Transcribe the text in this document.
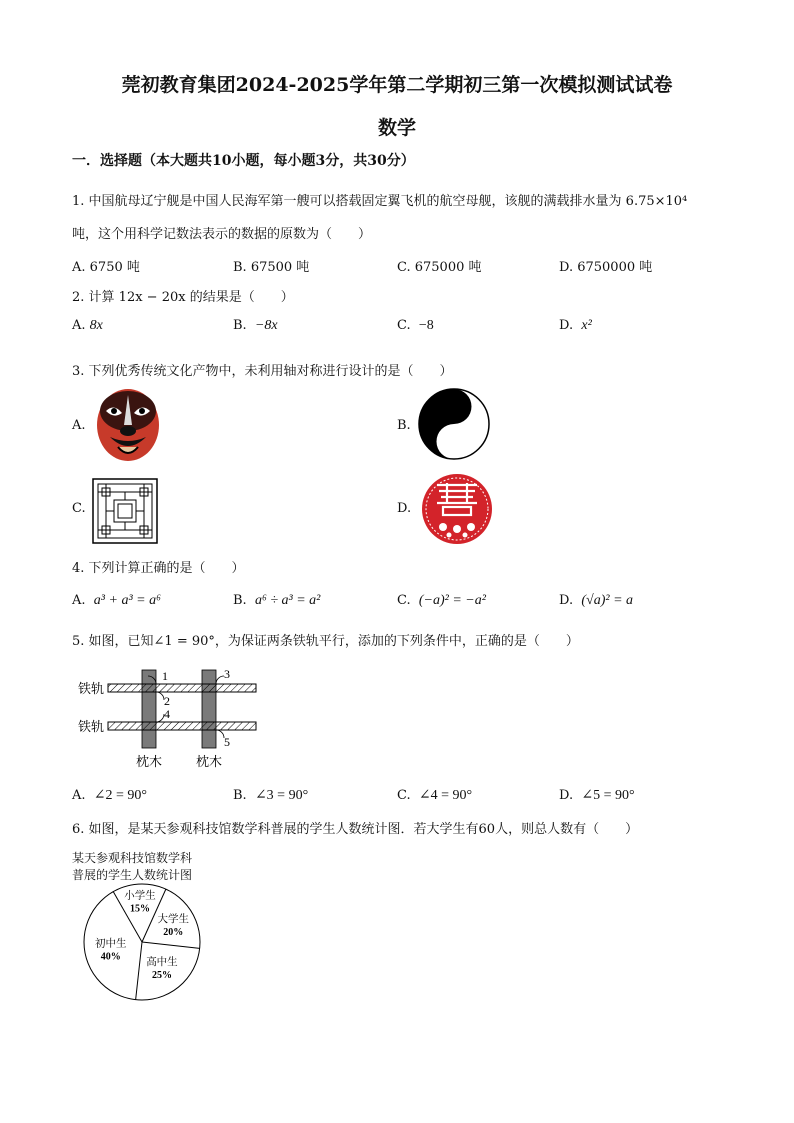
莞初教育集团2024-2025学年第二学期初三第一次模拟测试试卷
数学
一．选择题（本大题共10小题，每小题3分，共30分）
1. 中国航母辽宁舰是中国人民海军第一艘可以搭载固定翼飞机的航空母舰，该舰的满载排水量为 6.75×10⁴
吨，这个用科学记数法表示的数据的原数为（　　）
A. 6750 吨	B. 67500 吨	C. 675000 吨	D. 6750000 吨
2. 计算 12x − 20x 的结果是（　　）
A. 8x	B. −8x	C. −8	D. x²
3. 下列优秀传统文化产物中，未利用轴对称进行设计的是（　　）
A.	B.
C.	D.
4. 下列计算正确的是（　　）
A. a³ + a³ = a⁶	B. a⁶ ÷ a³ = a²	C. (−a)² = −a²	D. (√a)² = a
5. 如图，已知∠1 = 90°，为保证两条铁轨平行，添加的下列条件中，正确的是（　　）
1
2
3
4
5
铁轨
铁轨
枕木	枕木
A. ∠2 = 90°	B. ∠3 = 90°	C. ∠4 = 90°	D. ∠5 = 90°
6. 如图，是某天参观科技馆数学科普展的学生人数统计图．若大学生有60人，则总人数有（　　）
某天参观科技馆数学科
普展的学生人数统计图
小学生
15%
大学生
20%
高中生
25%
初中生
40%
